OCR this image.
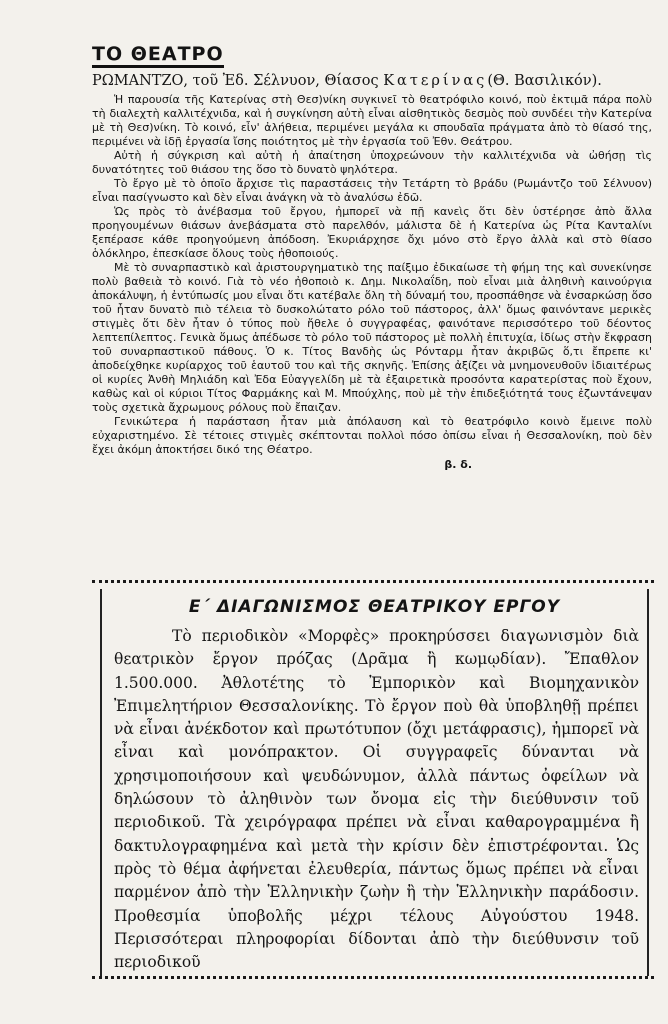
ΤΟ ΘΕΑΤΡΟ
ΡΩΜΑΝΤΖΟ, τοῦ Ἐδ. Σέλνυον, Θίασος Κατερίνας(Θ. Βασιλικόν).

Ἡ παρουσία τῆς Κατερίνας στὴ Θεσ)νίκη συγκινεῖ τὸ θεατρόφιλο κοινό, ποὺ ἐκτιμᾶ πάρα πολὺ τὴ διαλεχτὴ καλλιτέχνιδα, καὶ ἡ συγκίνηση αὐτὴ εἶναι αἰσθητικὸς δεσμὸς ποὺ συνδέει τὴν Κατερίνα μὲ τὴ Θεσ)νίκη. Τὸ κοινό, εἶν' ἀλήθεια, περιμένει μεγάλα κι σπουδαῖα πράγματα ἀπὸ τὸ θίασό της, περιμένει νὰ ἰδῇ ἐργασία ἴσης ποιότητος μὲ τὴν ἐργασία τοῦ Ἐθν. Θεάτρου.

Αὐτὴ ἡ σύγκριση καὶ αὐτὴ ἡ ἀπαίτηση ὑποχρεώνουν τὴν καλλιτέχνιδα νὰ ὠθήσῃ τὶς δυνατότητες τοῦ θιάσου της ὅσο τὸ δυνατὸ ψηλότερα.

Τὸ ἔργο μὲ τὸ ὁποῖο ἄρχισε τὶς παραστάσεις τὴν Τετάρτη τὸ βράδυ (Ρωμάντζο τοῦ Σέλνυον) εἶναι πασίγνωστο καὶ δὲν εἶναι ἀνάγκη νὰ τὸ ἀναλύσω ἐδῶ.

Ὡς πρὸς τὸ ἀνέβασμα τοῦ ἔργου, ἠμπορεῖ νὰ πῇ κανεὶς ὅτι δὲν ὑστέρησε ἀπὸ ἄλλα προηγουμένων θιάσων ἀνεβάσματα στὸ παρελθόν, μάλιστα δὲ ἡ Κατερίνα ὡς Ρίτα Κανταλίνι ξεπέρασε κάθε προηγούμενη ἀπόδοση. Ἐκυριάρχησε ὄχι μόνο στὸ ἔργο ἀλλὰ καὶ στὸ θίασο ὁλόκληρο, ἐπεσκίασε ὅλους τοὺς ἠθοποιούς.

Μὲ τὸ συναρπαστικὸ καὶ ἀριστουργηματικὸ της παίξιμο ἐδικαίωσε τὴ φήμη της καὶ συνεκίνησε πολὺ βαθειὰ τὸ κοινό. Γιὰ τὸ νέο ἠθοποιὸ κ. Δημ. Νικολαΐδη, ποὺ εἶναι μιὰ ἀληθινὴ καινούργια ἀποκάλυψη, ἡ ἐντύπωσίς μου εἶναι ὅτι κατέβαλε ὅλη τὴ δύναμή του, προσπάθησε νὰ ἐνσαρκώσῃ ὅσο τοῦ ἦταν δυνατὸ πιὸ τέλεια τὸ δυσκολώτατο ρόλο τοῦ πάστορος, ἀλλ' ὅμως φαινόντανε μερικὲς στιγμὲς ὅτι δὲν ἦταν ὁ τύπος ποὺ ἤθελε ὁ συγγραφέας, φαινότανε περισσότερο τοῦ δέοντος λεπτεπίλεπτος. Γενικὰ ὅμως ἀπέδωσε τὸ ρόλο τοῦ πάστορος μὲ πολλὴ ἐπιτυχία, ἰδίως στὴν ἔκφραση τοῦ συναρπαστικοῦ πάθους. Ὁ κ. Τίτος Βανδὴς ὡς Ρόνταρμ ἦταν ἀκριβῶς ὅ,τι ἔπρεπε κι' ἀποδείχθηκε κυρίαρχος τοῦ ἑαυτοῦ του καὶ τῆς σκηνῆς. Ἐπίσης ἀξίζει νὰ μνημονευθοῦν ἰδιαιτέρως οἱ κυρίες Ἀνθὴ Μηλιάδη καὶ Ἐδα Εὐαγγελίδη μὲ τὰ ἐξαιρετικὰ προσόντα καρατερίστας ποὺ ἔχουν, καθὼς καὶ οἱ κύριοι Τίτος Φαρμάκης καὶ Μ. Μπούχλης, ποὺ μὲ τὴν ἐπιδεξιότητά τους ἐζωντάνεψαν τοὺς σχετικὰ ἄχρωμους ρόλους ποὺ ἔπαιζαν.

Γενικώτερα ἡ παράσταση ἦταν μιὰ ἀπόλαυση καὶ τὸ θεατρόφιλο κοινὸ ἔμεινε πολὺ εὐχαριστημένο. Σὲ τέτοιες στιγμὲς σκέπτονται πολλοὶ πόσο ὀπίσω εἶναι ἡ Θεσσαλονίκη, ποὺ δὲν ἔχει ἀκόμη ἀποκτήσει δικό της Θέατρο.

β. δ.

Ε΄ ΔΙΑΓΩΝΙΣΜΟΣ ΘΕΑΤΡΙΚΟΥ ΕΡΓΟΥ

Τὸ περιοδικὸν «Μορφὲς» προκηρύσσει διαγωνισμὸν διὰ θεατρικὸν ἔργον πρόζας (Δρᾶμα ἢ κωμῳδίαν). Ἔπαθλον 1.500.000. Ἀθλοτέτης τὸ Ἐμπορικὸν καὶ Βιομηχανικὸν Ἐπιμελητήριον Θεσσαλονίκης. Τὸ ἔργον ποὺ θὰ ὑποβληθῇ πρέπει νὰ εἶναι ἀνέκδοτον καὶ πρωτότυπον (ὄχι μετάφρασις), ἠμπορεῖ νὰ εἶναι καὶ μονόπρακτον. Οἱ συγγραφεῖς δύνανται νὰ χρησιμοποιήσουν καὶ ψευδώνυμον, ἀλλὰ πάντως ὀφείλων νὰ δηλώσουν τὸ ἀληθινὸν των ὄνομα εἰς τὴν διεύθυνσιν τοῦ περιοδικοῦ. Τὰ χειρόγραφα πρέπει νὰ εἶναι καθαρογραμμένα ἢ δακτυλογραφημένα καὶ μετὰ τὴν κρίσιν δὲν ἐπιστρέφονται. Ὡς πρὸς τὸ θέμα ἀφήνεται ἐλευθερία, πάντως ὅμως πρέπει νὰ εἶναι παρμένον ἀπὸ τὴν Ἑλληνικὴν ζωὴν ἢ τὴν Ἑλληνικὴν παράδοσιν. Προθεσμία ὑποβολῆς μέχρι τέλους Αὐγούστου 1948. Περισσότεραι πληροφορίαι δίδονται ἀπὸ τὴν διεύθυνσιν τοῦ περιοδικοῦ
